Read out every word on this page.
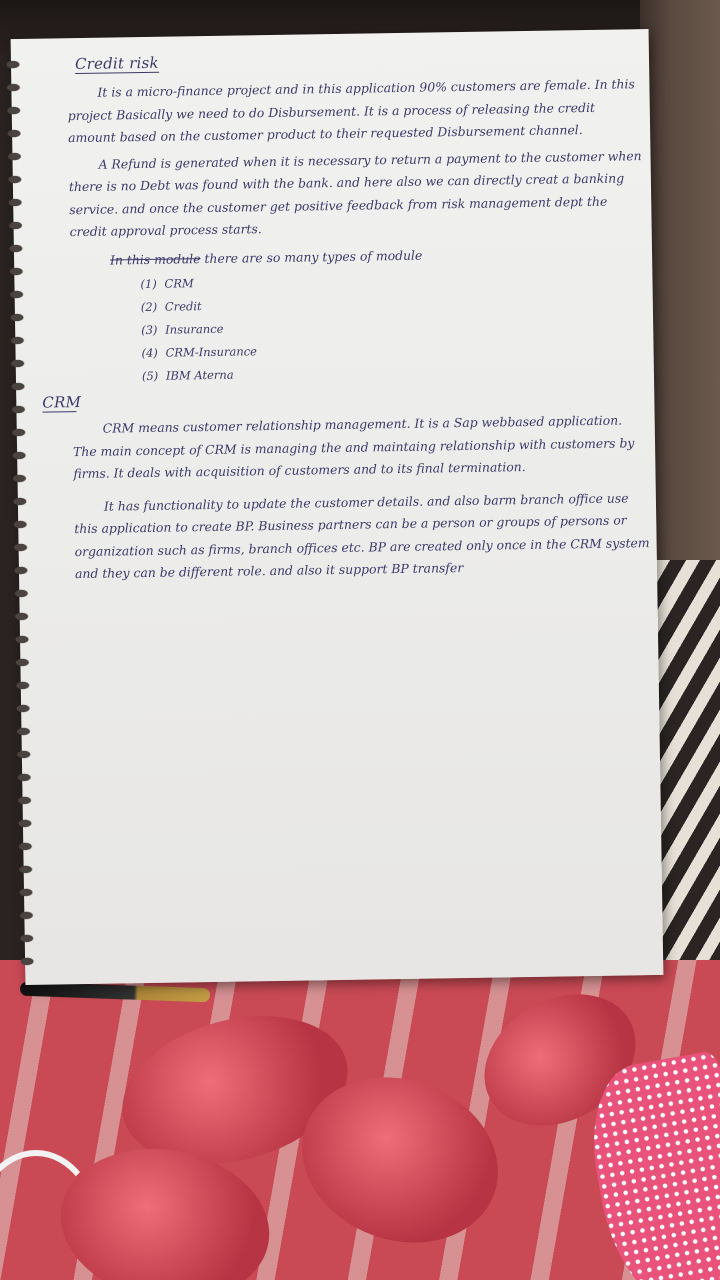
Credit risk

It is a micro-finance project and in this application 90% customers are female. In this project Basically we need to do Disbursement. It is a process of releasing the credit amount based on the customer product to their requested Disbursement channel.

A Refund is generated when it is necessary to return a payment to the customer when there is no Debt was found with the bank. and here also we can directly creat a banking service. and once the customer get positive feedback from risk management dept the credit approval process starts.

In this module there are so many types of module
(1) CRM
(2) Credit
(3) Insurance
(4) CRM-Insurance
(5) IBM Aterna
CRM

CRM means customer relationship management. It is a Sap webbased application. The main concept of CRM is managing the and maintaing relationship with customers by firms. It deals with acquisition of customers and to its final termination.

It has functionality to update the customer details. and also barm branch office use this application to create BP. Business partners can be a person or groups of persons or organization such as firms, branch offices etc. BP are created only once in the CRM system and they can be different role. and also it support BP transfer
